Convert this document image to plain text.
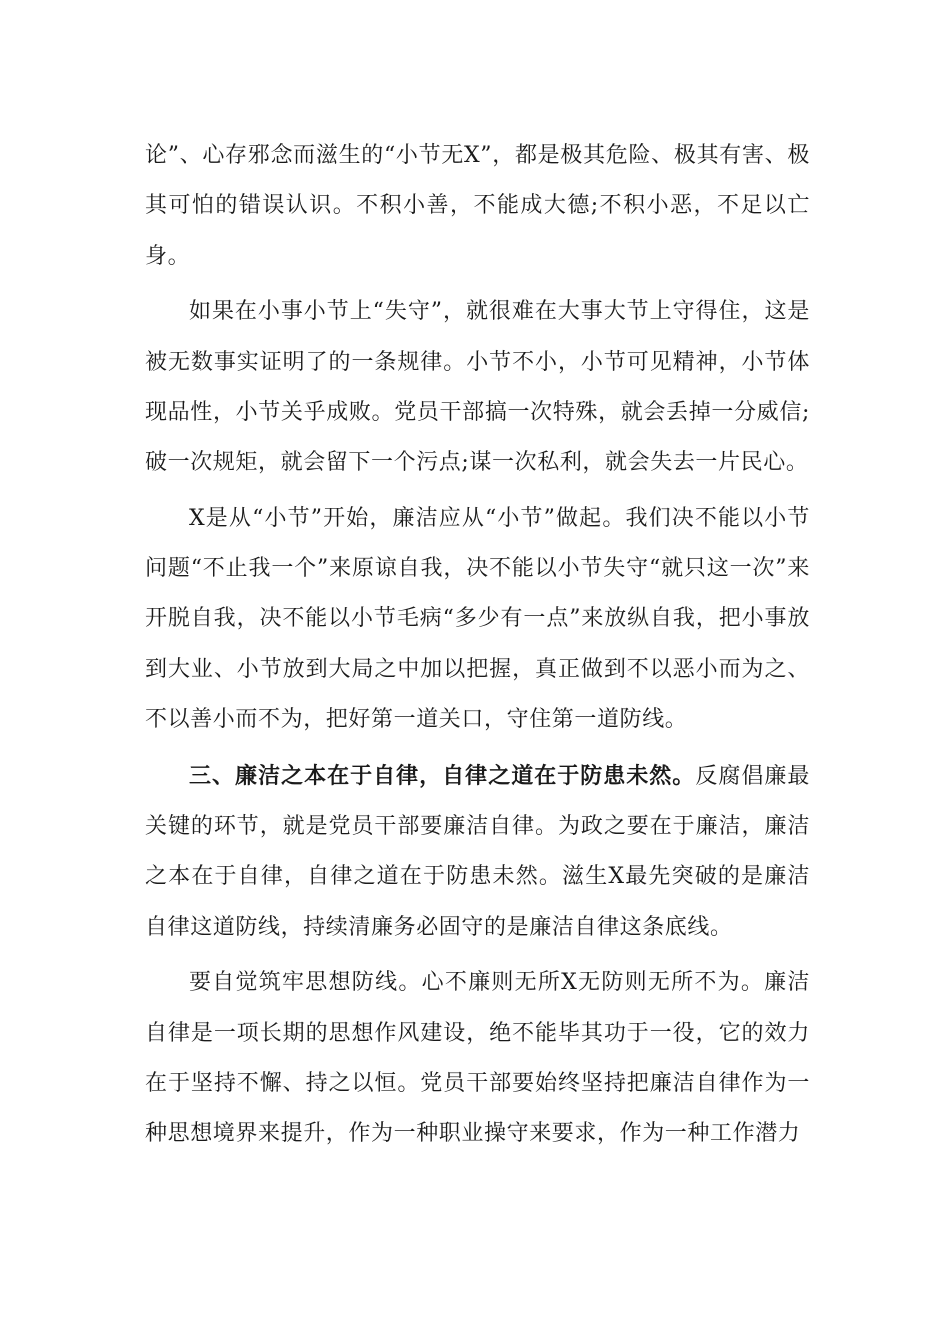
论”、心存邪念而滋生的“小节无X”，都是极其危险、极其有害、极其可怕的错误认识。不积小善，不能成大德;不积小恶，不足以亡身。

如果在小事小节上“失守”，就很难在大事大节上守得住，这是被无数事实证明了的一条规律。小节不小，小节可见精神，小节体现品性，小节关乎成败。党员干部搞一次特殊，就会丢掉一分威信;破一次规矩，就会留下一个污点;谋一次私利，就会失去一片民心。

X是从“小节”开始，廉洁应从“小节”做起。我们决不能以小节问题“不止我一个”来原谅自我，决不能以小节失守“就只这一次”来开脱自我，决不能以小节毛病“多少有一点”来放纵自我，把小事放到大业、小节放到大局之中加以把握，真正做到不以恶小而为之、不以善小而不为，把好第一道关口，守住第一道防线。

三、廉洁之本在于自律，自律之道在于防患未然。反腐倡廉最关键的环节，就是党员干部要廉洁自律。为政之要在于廉洁，廉洁之本在于自律，自律之道在于防患未然。滋生X最先突破的是廉洁自律这道防线，持续清廉务必固守的是廉洁自律这条底线。

要自觉筑牢思想防线。心不廉则无所X无防则无所不为。廉洁自律是一项长期的思想作风建设，绝不能毕其功于一役，它的效力在于坚持不懈、持之以恒。党员干部要始终坚持把廉洁自律作为一种思想境界来提升，作为一种职业操守来要求，作为一种工作潜力
